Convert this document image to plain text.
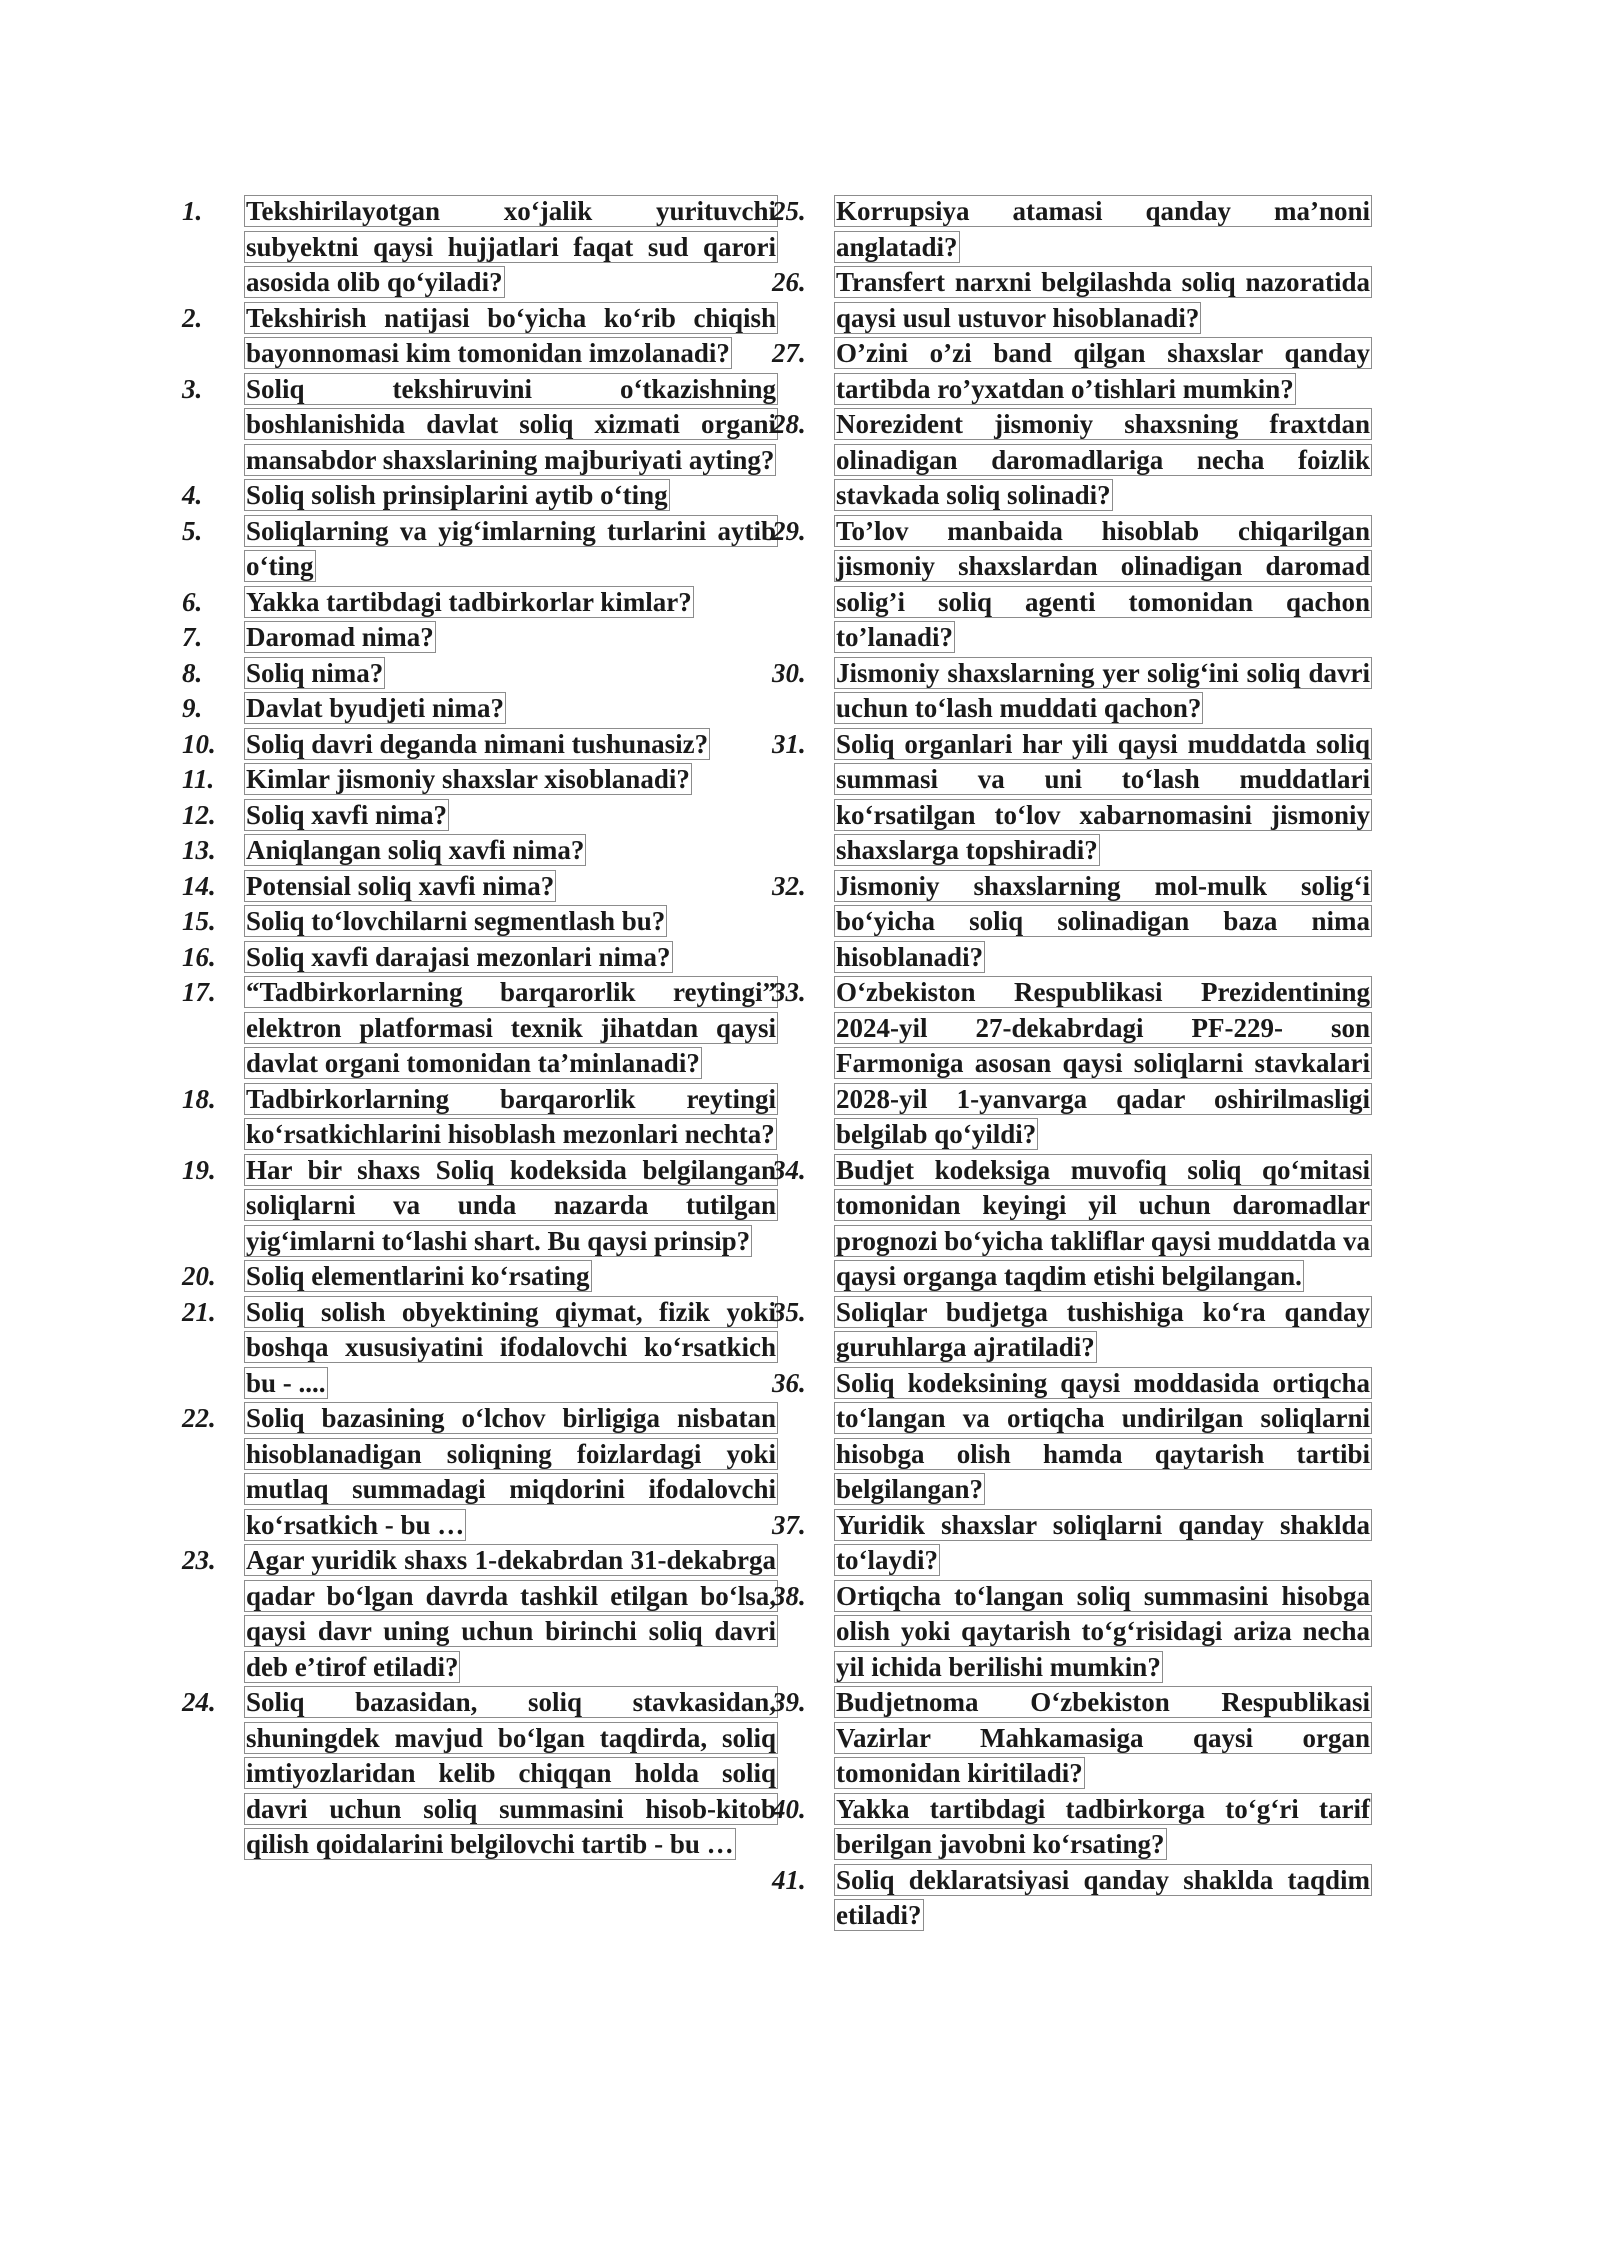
1.	Tekshirilayotgan xo‘jalik yurituvchi subyektni qaysi hujjatlari faqat sud qarori asosida olib qo‘yiladi?
2.	Tekshirish natijasi bo‘yicha ko‘rib chiqish bayonnomasi kim tomonidan imzolanadi?
3.	Soliq tekshiruvini o‘tkazishning boshlanishida davlat soliq xizmati organi mansabdor shaxslarining majburiyati ayting?
4.	Soliq solish prinsiplarini aytib o‘ting
5.	Soliqlarning va yig‘imlarning turlarini aytib o‘ting
6.	Yakka tartibdagi tadbirkorlar kimlar?
7.	Daromad nima?
8.	Soliq nima?
9.	Davlat byudjeti nima?
10.	Soliq davri deganda nimani tushunasiz?
11.	Kimlar jismoniy shaxslar xisoblanadi?
12.	Soliq xavfi nima?
13.	Aniqlangan soliq xavfi nima?
14.	Potensial soliq xavfi nima?
15.	Soliq to‘lovchilarni segmentlash bu?
16.	Soliq xavfi darajasi mezonlari nima?
17.	“Tadbirkorlarning barqarorlik reytingi” elektron platformasi texnik jihatdan qaysi davlat organi tomonidan ta’minlanadi?
18.	Tadbirkorlarning barqarorlik reytingi ko‘rsatkichlarini hisoblash mezonlari nechta?
19.	Har bir shaxs Soliq kodeksida belgilangan soliqlarni va unda nazarda tutilgan yig‘imlarni to‘lashi shart. Bu qaysi prinsip?
20.	Soliq elementlarini ko‘rsating
21.	Soliq solish obyektining qiymat, fizik yoki boshqa xususiyatini ifodalovchi ko‘rsatkich bu - ....
22.	Soliq bazasining o‘lchov birligiga nisbatan hisoblanadigan soliqning foizlardagi yoki mutlaq summadagi miqdorini ifodalovchi ko‘rsatkich - bu …
23.	Agar yuridik shaxs 1-dekabrdan 31-dekabrga qadar bo‘lgan davrda tashkil etilgan bo‘lsa, qaysi davr uning uchun birinchi soliq davri deb e’tirof etiladi?
24.	Soliq bazasidan, soliq stavkasidan, shuningdek mavjud bo‘lgan taqdirda, soliq imtiyozlaridan kelib chiqqan holda soliq davri uchun soliq summasini hisob-kitob qilish qoidalarini belgilovchi tartib - bu …
25.	Korrupsiya atamasi qanday ma’noni anglatadi?
26.	Transfert narxni belgilashda soliq nazoratida qaysi usul ustuvor hisoblanadi?
27.	O’zini o’zi band qilgan shaxslar qanday tartibda ro’yxatdan o’tishlari mumkin?
28.	Norezident jismoniy shaxsning fraxtdan olinadigan daromadlariga necha foizlik stavkada soliq solinadi?
29.	To’lov manbaida hisoblab chiqarilgan jismoniy shaxslardan olinadigan daromad solig’i soliq agenti tomonidan qachon to’lanadi?
30.	Jismoniy shaxslarning yer solig‘ini soliq davri uchun to‘lash muddati qachon?
31.	Soliq organlari har yili qaysi muddatda soliq summasi va uni to‘lash muddatlari ko‘rsatilgan to‘lov xabarnomasini jismoniy shaxslarga topshiradi?
32.	Jismoniy shaxslarning mol-mulk solig‘i bo‘yicha soliq solinadigan baza nima hisoblanadi?
33.	O‘zbekiston Respublikasi Prezidentining 2024-yil 27-dekabrdagi PF-229- son Farmoniga asosan qaysi soliqlarni stavkalari 2028-yil 1-yanvarga qadar oshirilmasligi belgilab qo‘yildi?
34.	Budjet kodeksiga muvofiq soliq qo‘mitasi tomonidan keyingi yil uchun daromadlar prognozi bo‘yicha takliflar qaysi muddatda va qaysi organga taqdim etishi belgilangan.
35.	Soliqlar budjetga tushishiga ko‘ra qanday guruhlarga ajratiladi?
36.	Soliq kodeksining qaysi moddasida ortiqcha to‘langan va ortiqcha undirilgan soliqlarni hisobga olish hamda qaytarish tartibi belgilangan?
37.	Yuridik shaxslar soliqlarni qanday shaklda to‘laydi?
38.	Ortiqcha to‘langan soliq summasini hisobga olish yoki qaytarish to‘g‘risidagi ariza necha yil ichida berilishi mumkin?
39.	Budjetnoma O‘zbekiston Respublikasi Vazirlar Mahkamasiga qaysi organ tomonidan kiritiladi?
40.	Yakka tartibdagi tadbirkorga to‘g‘ri tarif berilgan javobni ko‘rsating?
41.	Soliq deklaratsiyasi qanday shaklda taqdim etiladi?
